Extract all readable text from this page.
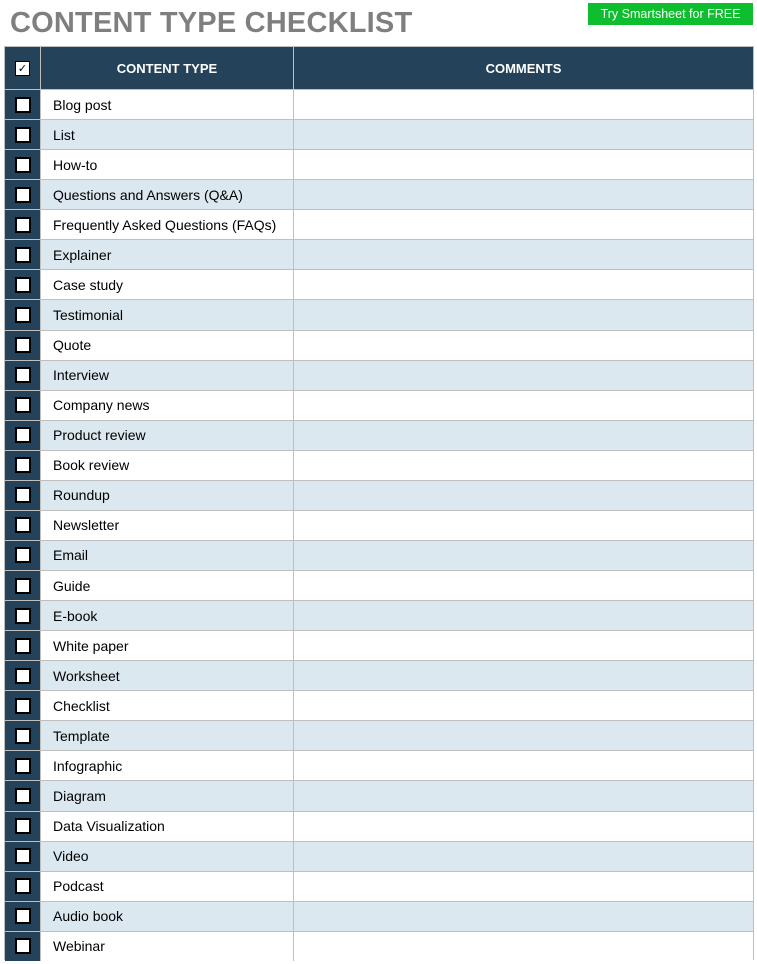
CONTENT TYPE CHECKLIST	Try Smartsheet for FREE
✓	CONTENT TYPE	COMMENTS
Blog post
List
How-to
Questions and Answers (Q&A)
Frequently Asked Questions (FAQs)
Explainer
Case study
Testimonial
Quote
Interview
Company news
Product review
Book review
Roundup
Newsletter
Email
Guide
E-book
White paper
Worksheet
Checklist
Template
Infographic
Diagram
Data Visualization
Video
Podcast
Audio book
Webinar
